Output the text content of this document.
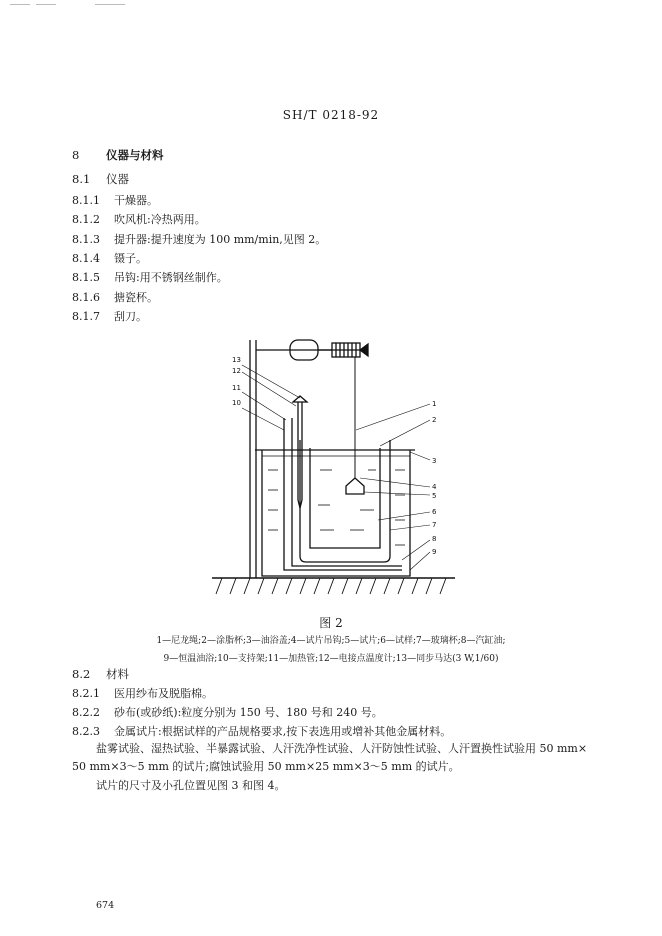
SH/T 0218-92
8 仪器与材料
8.1 仪器
8.1.1 干燥器。
8.1.2 吹风机:冷热两用。
8.1.3 提升器:提升速度为 100 mm/min,见图 2。
8.1.4 镊子。
8.1.5 吊钩:用不锈钢丝制作。
8.1.6 搪瓷杯。
8.1.7 刮刀。
13
12
11
10	1
2
3
4
5
6
7
8
9
图 2
1—尼龙绳;2—涂脂杯;3—油浴盖;4—试片吊钩;5—试片;6—试样;7—玻璃杯;8—汽缸油;
9—恒温油浴;10—支持架;11—加热管;12—电接点温度计;13—同步马达(3 W,1/60)
8.2 材料
8.2.1 医用纱布及脱脂棉。
8.2.2 砂布(或砂纸):粒度分别为 150 号、180 号和 240 号。
8.2.3 金属试片:根据试样的产品规格要求,按下表选用或增补其他金属材料。
盐雾试验、湿热试验、半暴露试验、人汗洗净性试验、人汗防蚀性试验、人汗置换性试验用 50 mm×
50 mm×3～5 mm 的试片;腐蚀试验用 50 mm×25 mm×3～5 mm 的试片。
试片的尺寸及小孔位置见图 3 和图 4。
674
